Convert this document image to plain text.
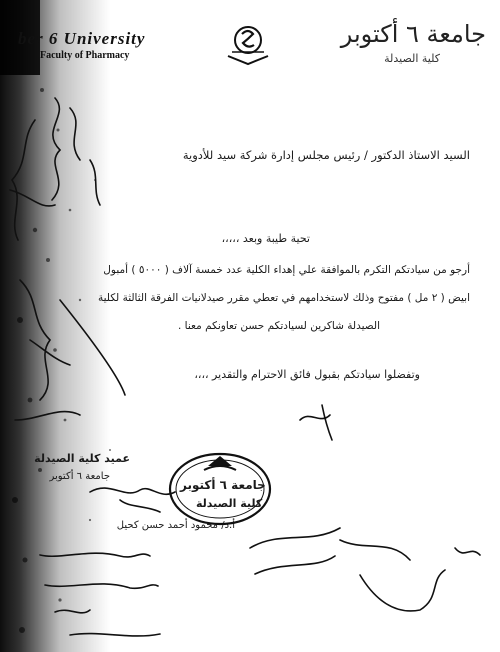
ber 6 University
Faculty of Pharmacy
جامعة ٦ أكتوبر
كلية الصيدلة
السيد الاستاذ الدكتور / رئيس مجلس إدارة شركة سيد للأدوية
تحية طيبة وبعد ،،،،،
أرجو من سيادتكم التكرم بالموافقة علي إهداء الكلية عدد خمسة آلاف ( ٥٠٠٠ ) أمبول
ابيض ( ٢ مل ) مفتوح وذلك لاستخدامهم في تعطي مقرر صيدلانيات الفرقة الثالثة لكلية
الصيدلة شاكرين لسيادتكم حسن تعاونكم معنا .
وتفضلوا سيادتكم بقبول فائق الاحترام والتقدير ،،،،
عميد كلية الصيدلة
جامعة ٦ أكتوبر
أ.د/ محمود أحمد حسن كحيل
جامعة ٦ أكتوبر
كلية الصيدلة
